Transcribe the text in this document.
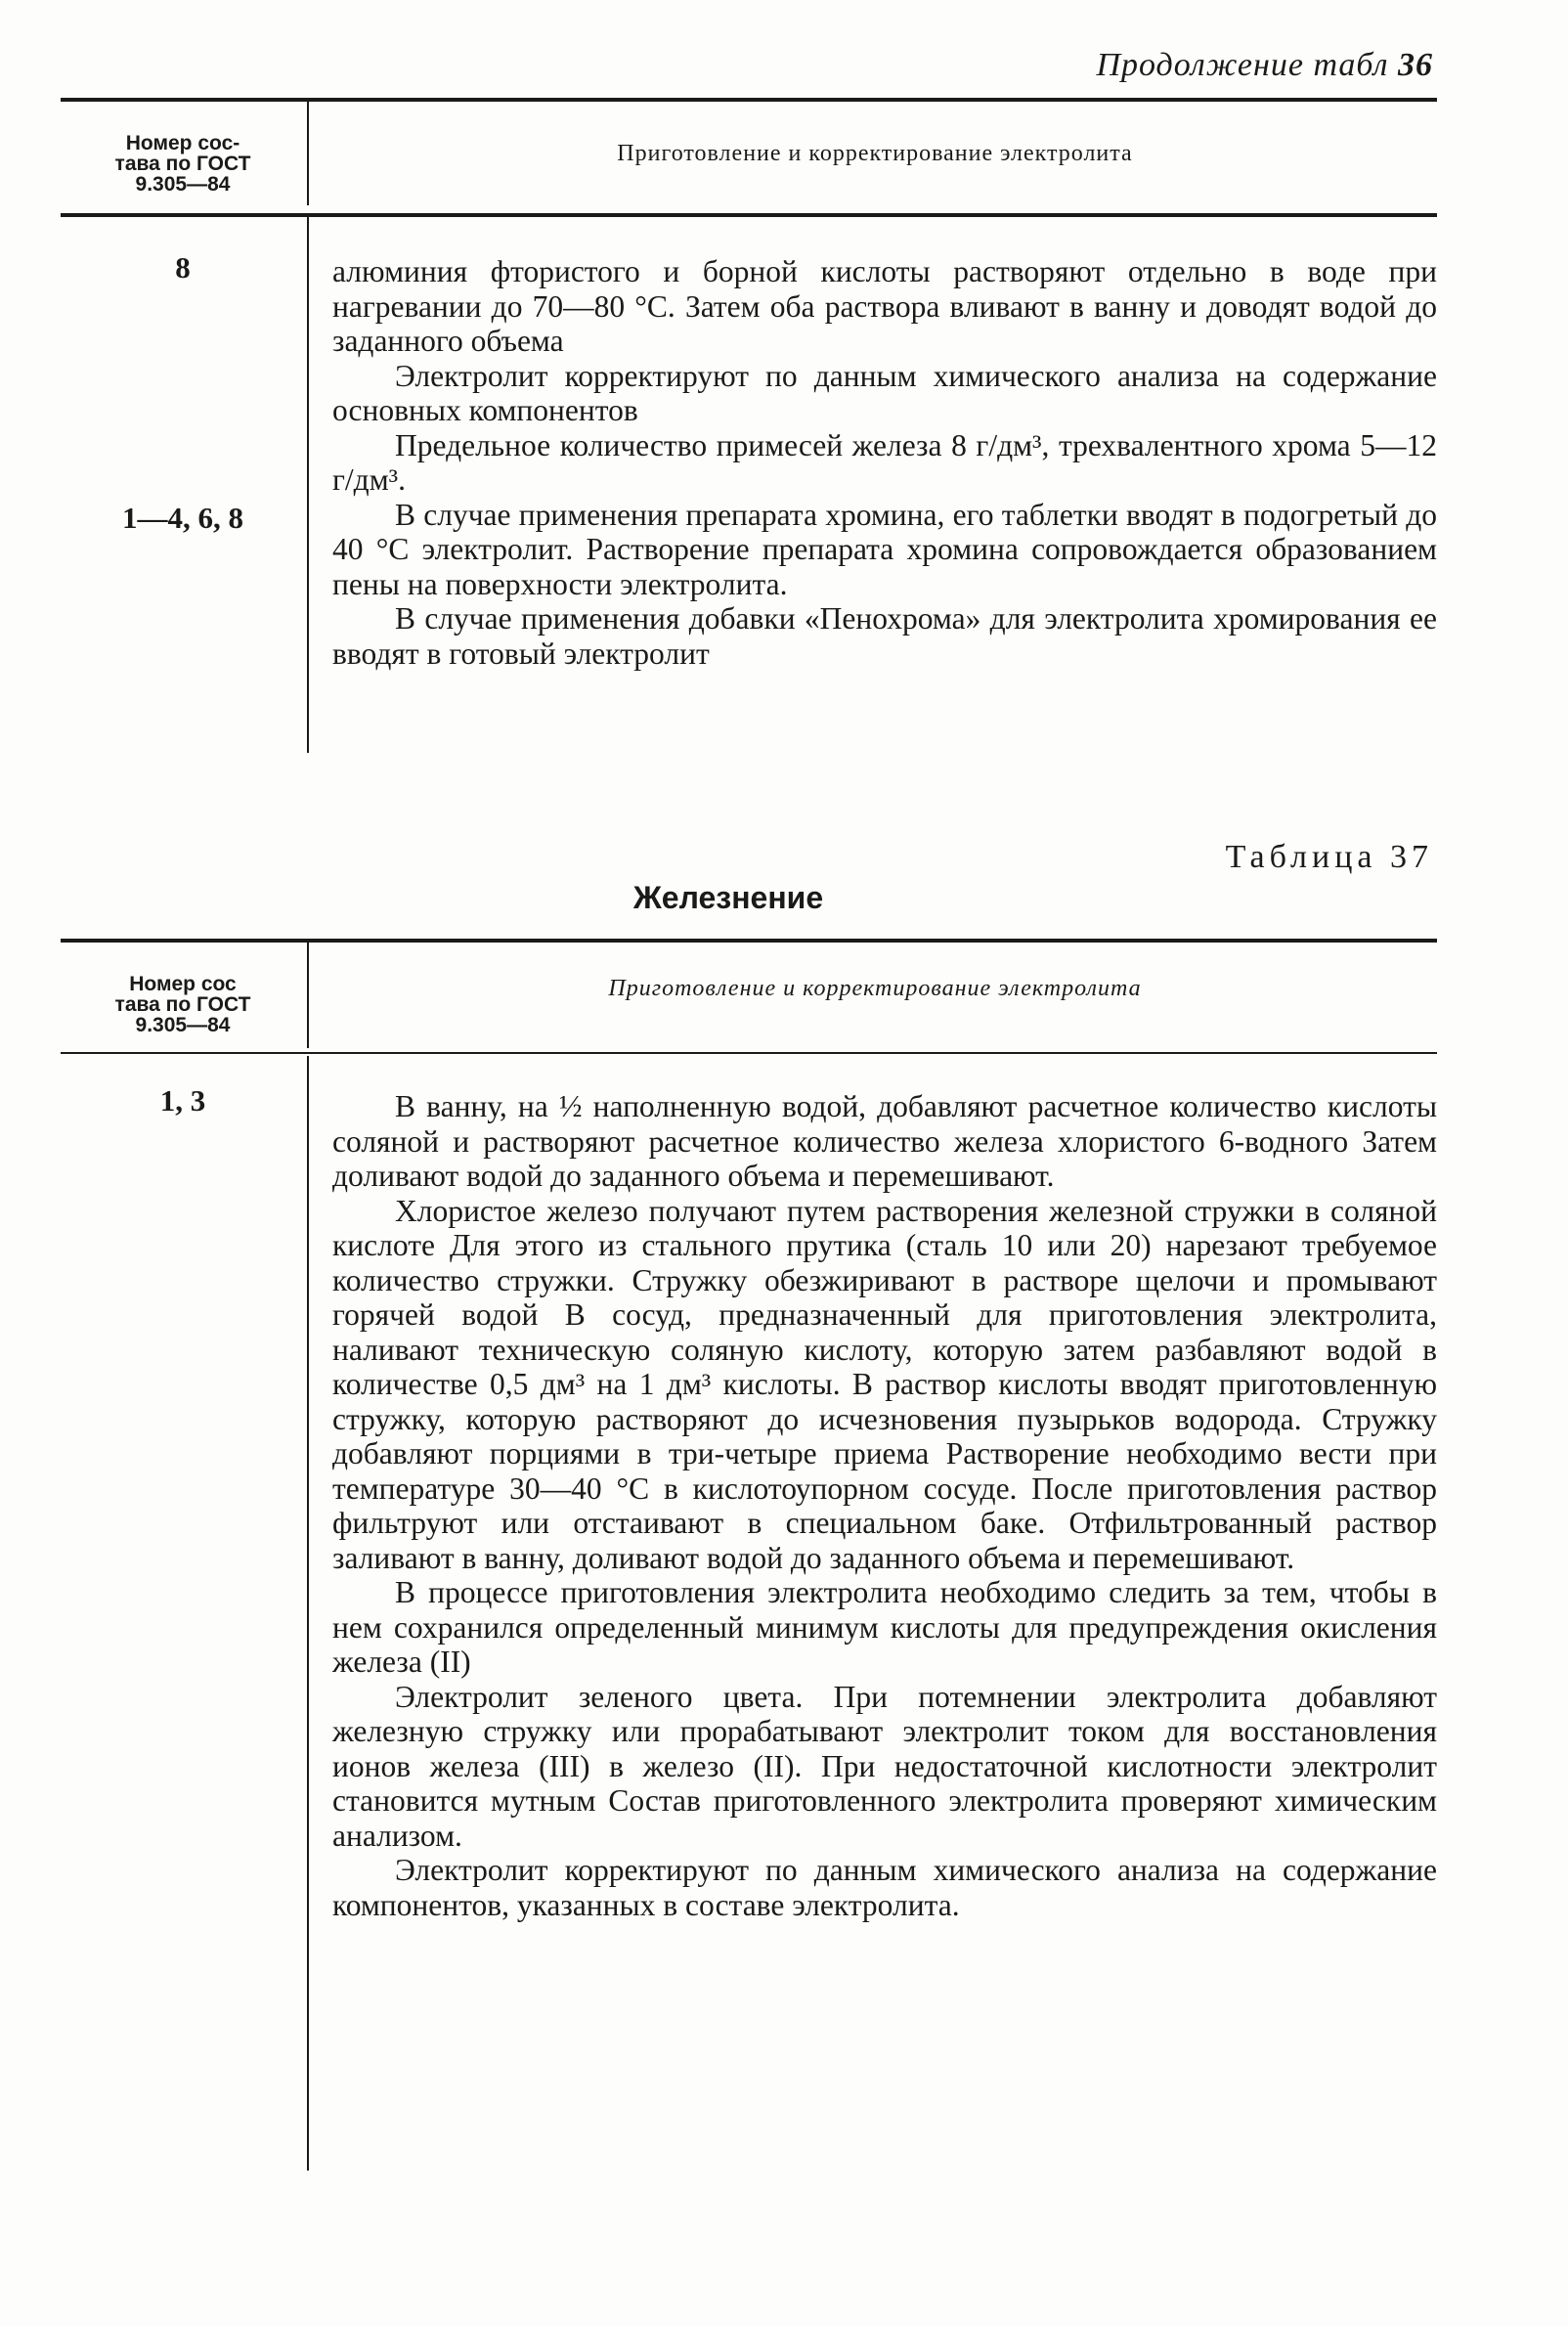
Продолжение табл 36
Номер сос-
тава по ГОСТ
9.305—84
Приготовление и корректирование электролита
8
1—4, 6, 8

алюминия фтористого и борной кислоты растворяют отдельно в воде при нагревании до 70—80 °С. Затем оба раствора вливают в ванну и доводят водой до заданного объема

Электролит корректируют по данным химического анализа на содержание основных компонентов

Предельное количество примесей железа 8 г/дм³, трехвалентного хрома 5—12 г/дм³.

В случае применения препарата хромина, его таблетки вводят в подогретый до 40 °С электролит. Растворение препарата хромина сопровождается образованием пены на поверхности электролита.

В случае применения добавки «Пенохрома» для электролита хромирования ее вводят в готовый электролит

Таблица 37
Железнение
Номер сос
тава по ГОСТ
9.305—84
Приготовление и корректирование электролита
1, 3	В ванну, на ½ наполненную водой, добавляют расчетное количество кислоты соляной и растворяют расчетное количество железа хлористого 6-водного Затем доливают водой до заданного объема и перемешивают.

Хлористое железо получают путем растворения железной стружки в соляной кислоте Для этого из стального прутика (сталь 10 или 20) нарезают требуемое количество стружки. Стружку обезжиривают в растворе щелочи и промывают горячей водой В сосуд, предназначенный для приготовления электролита, наливают техническую соляную кислоту, которую затем разбавляют водой в количестве 0,5 дм³ на 1 дм³ кислоты. В раствор кислоты вводят приготовленную стружку, которую растворяют до исчезновения пузырьков водорода. Стружку добавляют порциями в три-четыре приема Растворение необходимо вести при температуре 30—40 °С в кислотоупорном сосуде. После приготовления раствор фильтруют или отстаивают в специальном баке. Отфильтрованный раствор заливают в ванну, доливают водой до заданного объема и перемешивают.

В процессе приготовления электролита необходимо следить за тем, чтобы в нем сохранился определенный минимум кислоты для предупреждения окисления железа (II)

Электролит зеленого цвета. При потемнении электролита добавляют железную стружку или прорабатывают электролит током для восстановления ионов железа (III) в железо (II). При недостаточной кислотности электролит становится мутным Состав приготовленного электролита проверяют химическим анализом.

Электролит корректируют по данным химического анализа на содержание компонентов, указанных в составе электролита.
